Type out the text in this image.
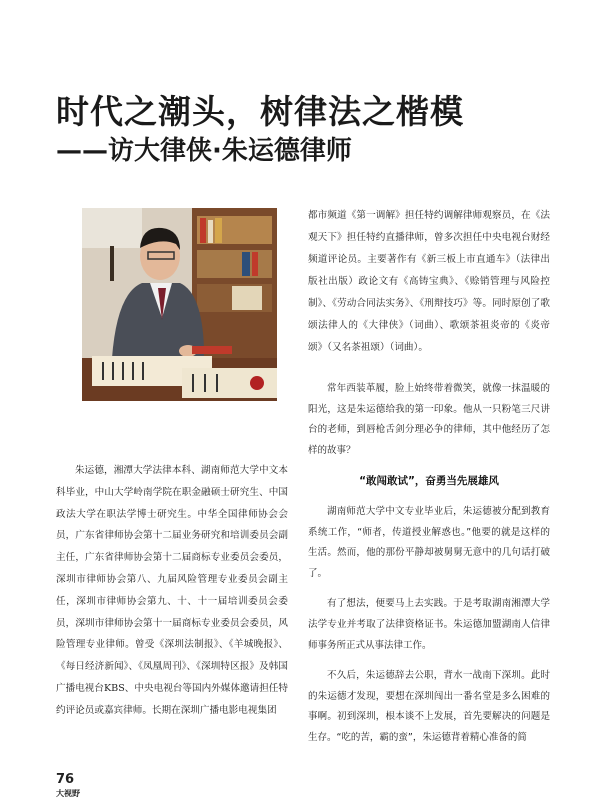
时代之潮头，树律法之楷模
——访大律侠·朱运德律师

朱运德，湘潭大学法律本科、湖南师范大学中文本科毕业，中山大学岭南学院在职金融硕士研究生、中国政法大学在职法学博士研究生。中华全国律师协会会员，广东省律师协会第十二届业务研究和培训委员会副主任，广东省律师协会第十二届商标专业委员会委员，深圳市律师协会第八、九届风险管理专业委员会副主任，深圳市律师协会第九、十、十一届培训委员会委员，深圳市律师协会第十一届商标专业委员会委员，风险管理专业律师。曾受《深圳法制报》、《羊城晚报》、《每日经济新闻》、《凤凰周刊》、《深圳特区报》及韩国广播电视台KBS、中央电视台等国内外媒体邀请担任特约评论员或嘉宾律师。长期在深圳广播电影电视集团

都市频道《第一调解》担任特约调解律师观察员，在《法观天下》担任特约直播律师，曾多次担任中央电视台财经频道评论员。主要著作有《新三板上市直通车》（法律出版社出版）政论文有《高铸宝典》、《赊销管理与风险控制》、《劳动合同法实务》、《刑辩技巧》等。同时原创了歌颂法律人的《大律侠》（词曲）、歌颂茶祖炎帝的《炎帝颂》（又名茶祖颂）（词曲）。

常年西装革履，脸上始终带着微笑，就像一抹温暖的阳光，这是朱运德给我的第一印象。他从一只粉笔三尺讲台的老师，到唇枪舌剑分理必争的律师，其中他经历了怎样的故事？

“敢闯敢试”，奋勇当先展雄风

湖南师范大学中文专业毕业后，朱运德被分配到教育系统工作，“师者，传道授业解惑也。”他要的就是这样的生活。然而，他的那份平静却被舅舅无意中的几句话打破了。

有了想法，便要马上去实践。于是考取湖南湘潭大学法学专业并考取了法律资格证书。朱运德加盟湖南人信律师事务所正式从事法律工作。

不久后，朱运德辞去公职，背水一战南下深圳。此时的朱运德才发现，要想在深圳闯出一番名堂是多么困难的事啊。初到深圳，根本谈不上发展，首先要解决的问题是生存。“吃的苦，霸的蛮”，朱运德背着精心准备的简

76
大视野
